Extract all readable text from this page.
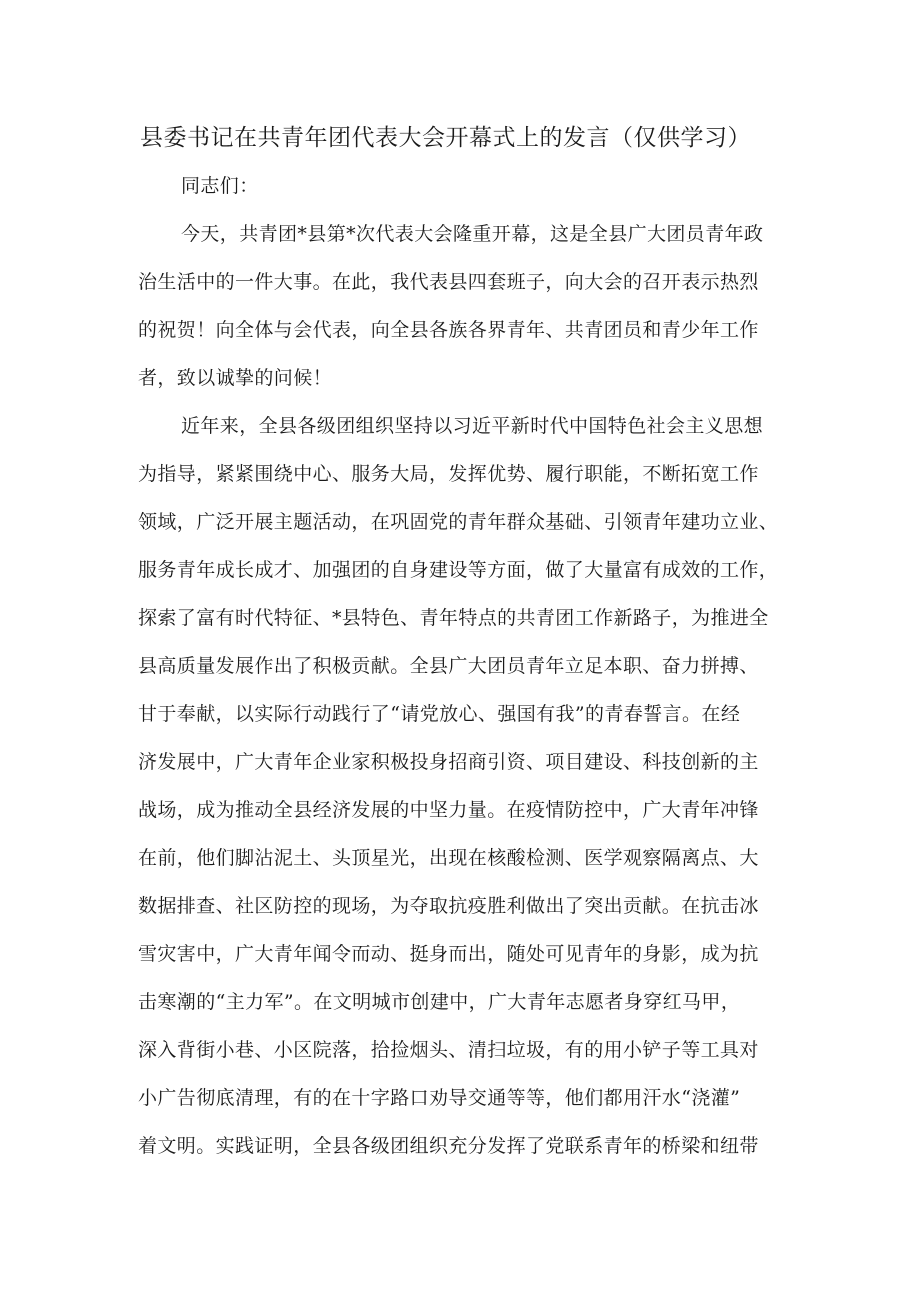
县委书记在共青年团代表大会开幕式上的发言（仅供学习）
同志们：
今天，共青团*县第*次代表大会隆重开幕，这是全县广大团员青年政
治生活中的一件大事。在此，我代表县四套班子，向大会的召开表示热烈
的祝贺！向全体与会代表，向全县各族各界青年、共青团员和青少年工作
者，致以诚挚的问候！
近年来，全县各级团组织坚持以习近平新时代中国特色社会主义思想
为指导，紧紧围绕中心、服务大局，发挥优势、履行职能，不断拓宽工作
领域，广泛开展主题活动，在巩固党的青年群众基础、引领青年建功立业、
服务青年成长成才、加强团的自身建设等方面，做了大量富有成效的工作，
探索了富有时代特征、*县特色、青年特点的共青团工作新路子，为推进全
县高质量发展作出了积极贡献。全县广大团员青年立足本职、奋力拼搏、
甘于奉献，以实际行动践行了“请党放心、强国有我”的青春誓言。在经
济发展中，广大青年企业家积极投身招商引资、项目建设、科技创新的主
战场，成为推动全县经济发展的中坚力量。在疫情防控中，广大青年冲锋
在前，他们脚沾泥土、头顶星光，出现在核酸检测、医学观察隔离点、大
数据排查、社区防控的现场，为夺取抗疫胜利做出了突出贡献。在抗击冰
雪灾害中，广大青年闻令而动、挺身而出，随处可见青年的身影，成为抗
击寒潮的“主力军”。在文明城市创建中，广大青年志愿者身穿红马甲，
深入背街小巷、小区院落，拾捡烟头、清扫垃圾，有的用小铲子等工具对
小广告彻底清理，有的在十字路口劝导交通等等，他们都用汗水“浇灌”
着文明。实践证明，全县各级团组织充分发挥了党联系青年的桥梁和纽带
